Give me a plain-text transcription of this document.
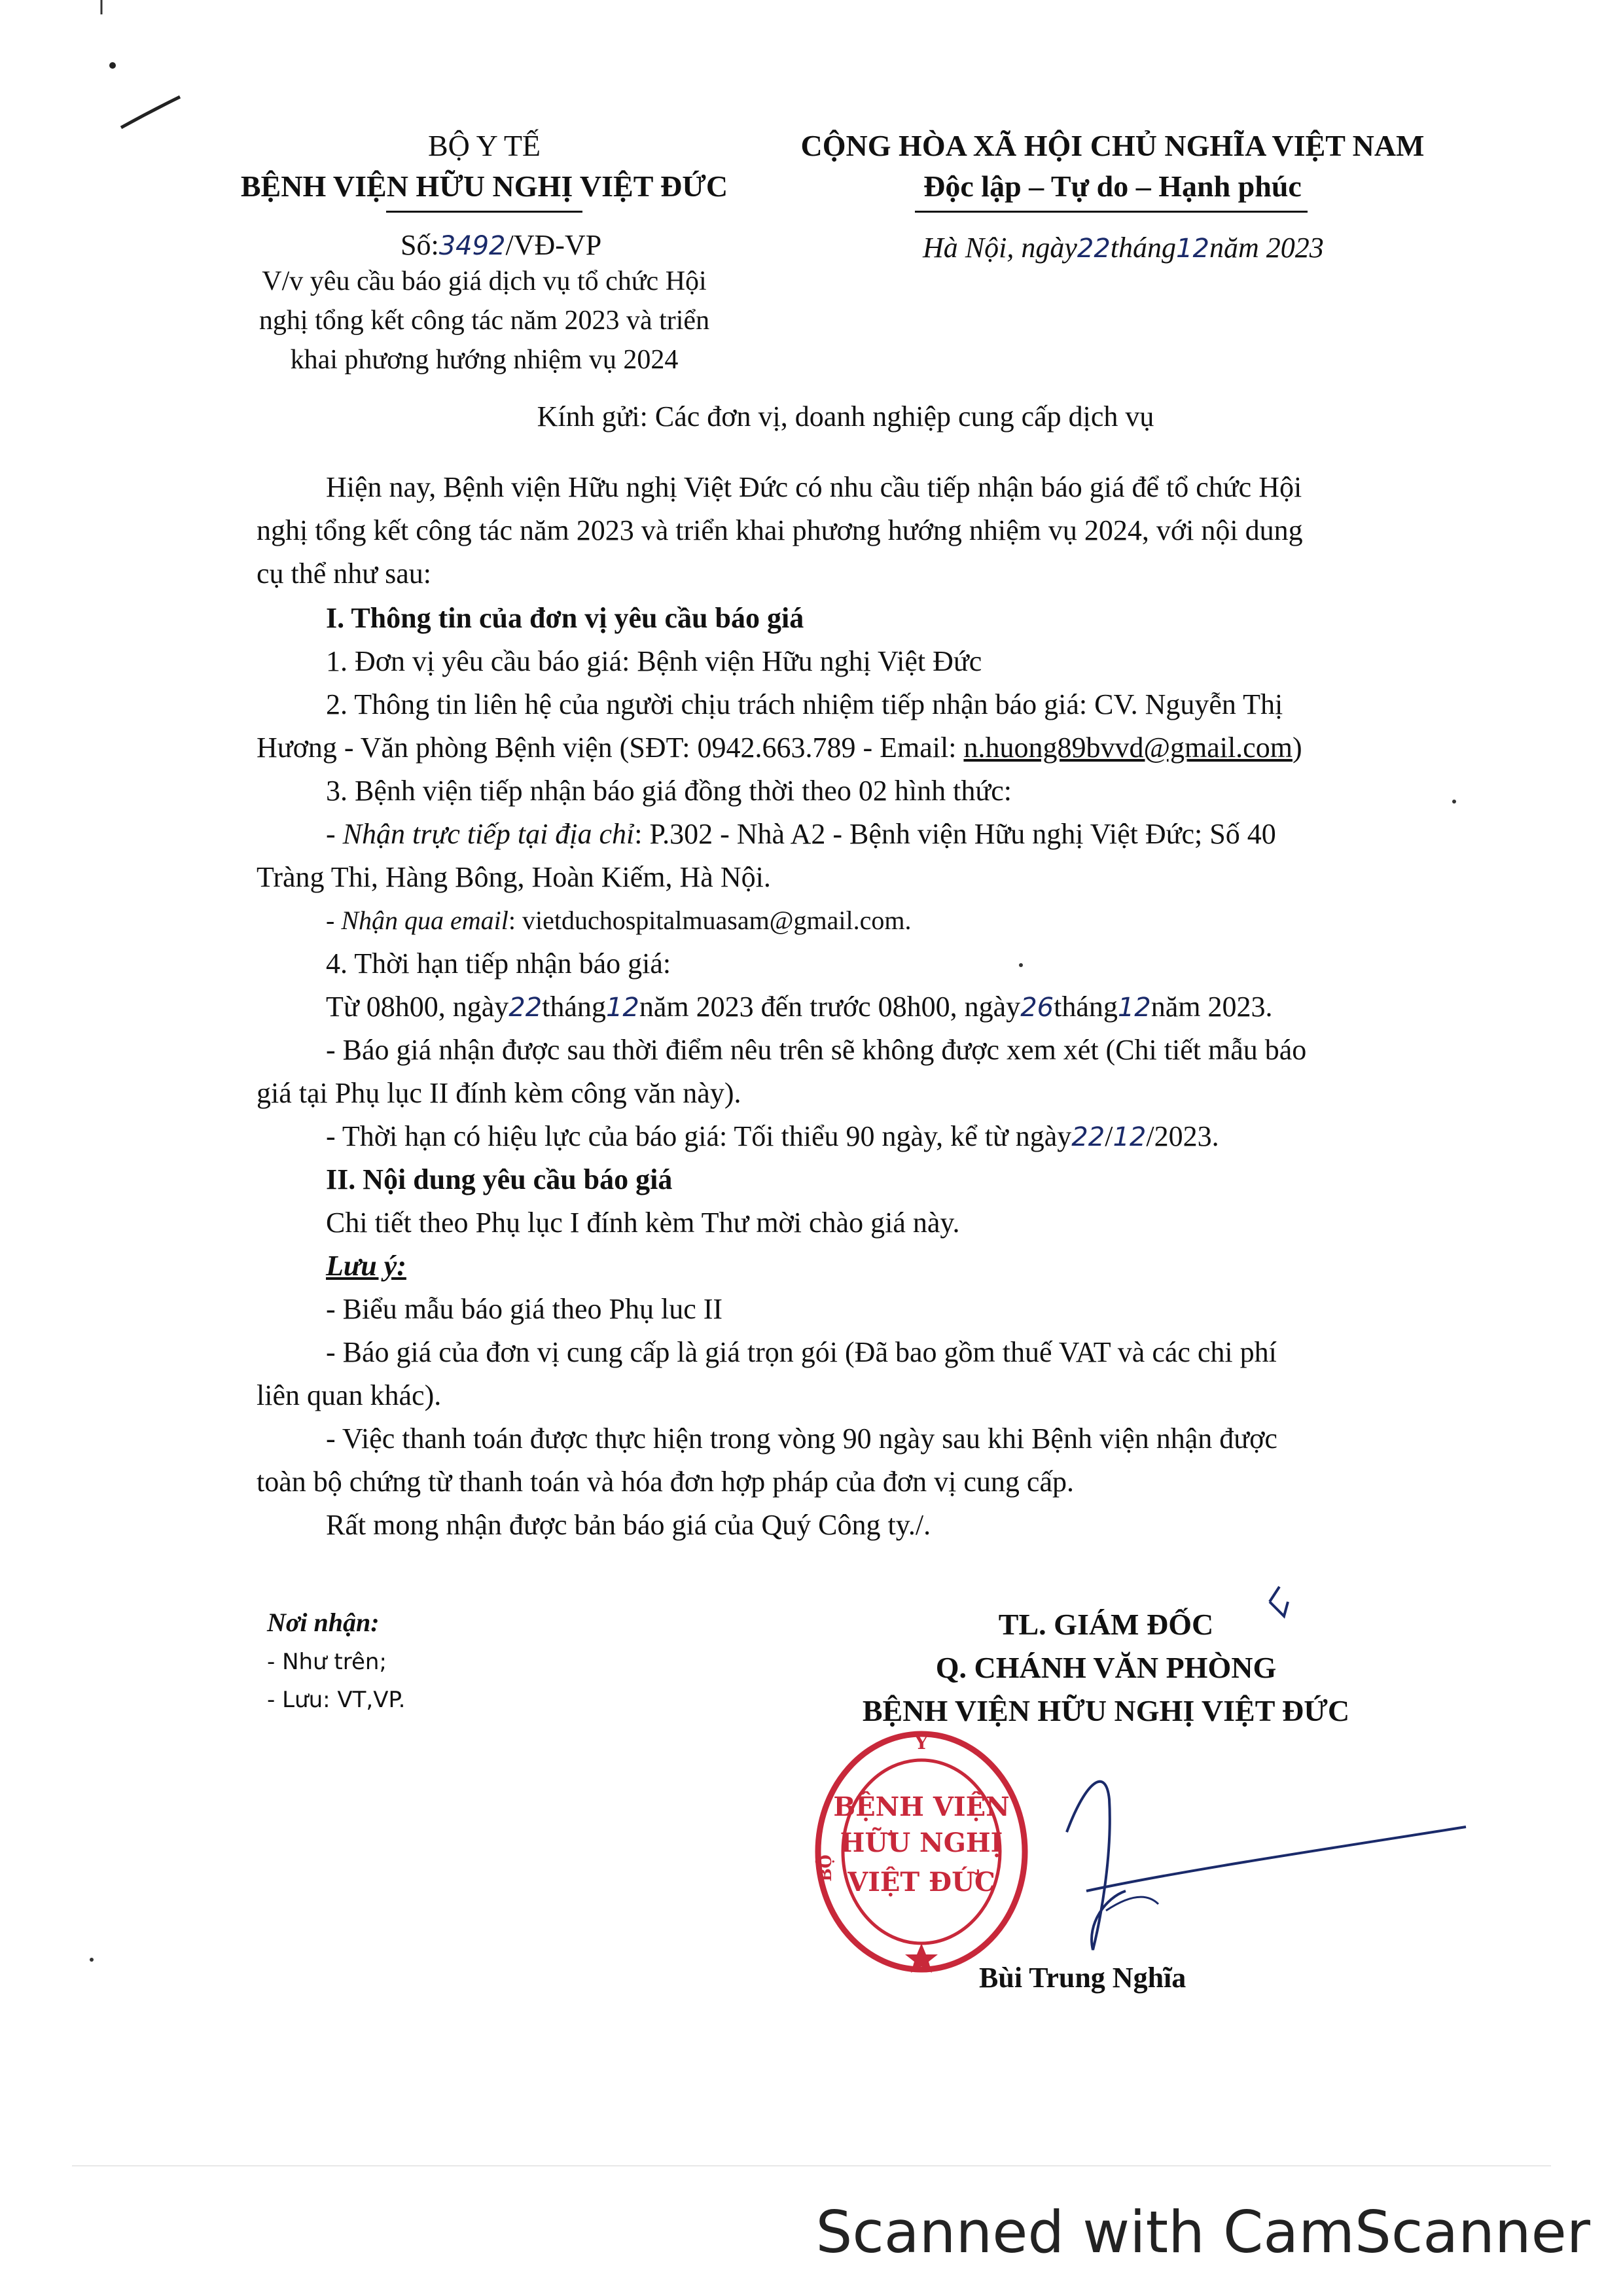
BỘ Y TẾ
BỆNH VIỆN HỮU NGHỊ VIỆT ĐỨC
Số:3492/VĐ-VP
V/v yêu cầu báo giá dịch vụ tổ chức Hội
nghị tổng kết công tác năm 2023 và triển
khai phương hướng nhiệm vụ 2024
CỘNG HÒA XÃ HỘI CHỦ NGHĨA VIỆT NAM
Độc lập – Tự do – Hạnh phúc
Hà Nội, ngày22tháng12năm 2023
Kính gửi: Các đơn vị, doanh nghiệp cung cấp dịch vụ
Hiện nay, Bệnh viện Hữu nghị Việt Đức có nhu cầu tiếp nhận báo giá để tổ chức Hội
nghị tổng kết công tác năm 2023 và triển khai phương hướng nhiệm vụ 2024, với nội dung
cụ thể như sau:
I. Thông tin của đơn vị yêu cầu báo giá
1. Đơn vị yêu cầu báo giá: Bệnh viện Hữu nghị Việt Đức
2. Thông tin liên hệ của người chịu trách nhiệm tiếp nhận báo giá: CV. Nguyễn Thị
Hương - Văn phòng Bệnh viện (SĐT: 0942.663.789 - Email: n.huong89bvvd@gmail.com)
3. Bệnh viện tiếp nhận báo giá đồng thời theo 02 hình thức:
- Nhận trực tiếp tại địa chỉ: P.302 - Nhà A2 - Bệnh viện Hữu nghị Việt Đức; Số 40
Tràng Thi, Hàng Bông, Hoàn Kiếm, Hà Nội.
- Nhận qua email: vietduchospitalmuasam@gmail.com.
4. Thời hạn tiếp nhận báo giá:
Từ 08h00, ngày22tháng12năm 2023 đến trước 08h00, ngày26tháng12năm 2023.
- Báo giá nhận được sau thời điểm nêu trên sẽ không được xem xét (Chi tiết mẫu báo
giá tại Phụ lục II đính kèm công văn này).
- Thời hạn có hiệu lực của báo giá: Tối thiểu 90 ngày, kể từ ngày22/12/2023.
II. Nội dung yêu cầu báo giá
Chi tiết theo Phụ lục I đính kèm Thư mời chào giá này.
Lưu ý:
- Biểu mẫu báo giá theo Phụ luc II
- Báo giá của đơn vị cung cấp là giá trọn gói (Đã bao gồm thuế VAT và các chi phí
liên quan khác).
- Việc thanh toán được thực hiện trong vòng 90 ngày sau khi Bệnh viện nhận được
toàn bộ chứng từ thanh toán và hóa đơn hợp pháp của đơn vị cung cấp.
Rất mong nhận được bản báo giá của Quý Công ty./.
Nơi nhận:
- Như trên;
- Lưu: VT,VP.
TL. GIÁM ĐỐC
Q. CHÁNH VĂN PHÒNG
BỆNH VIỆN HỮU NGHỊ VIỆT ĐỨC
Y
BỘ
BỆNH VIỆN
HỮU NGHỊ
VIỆT ĐỨC
Bùi Trung Nghĩa
Scanned with CamScanner
